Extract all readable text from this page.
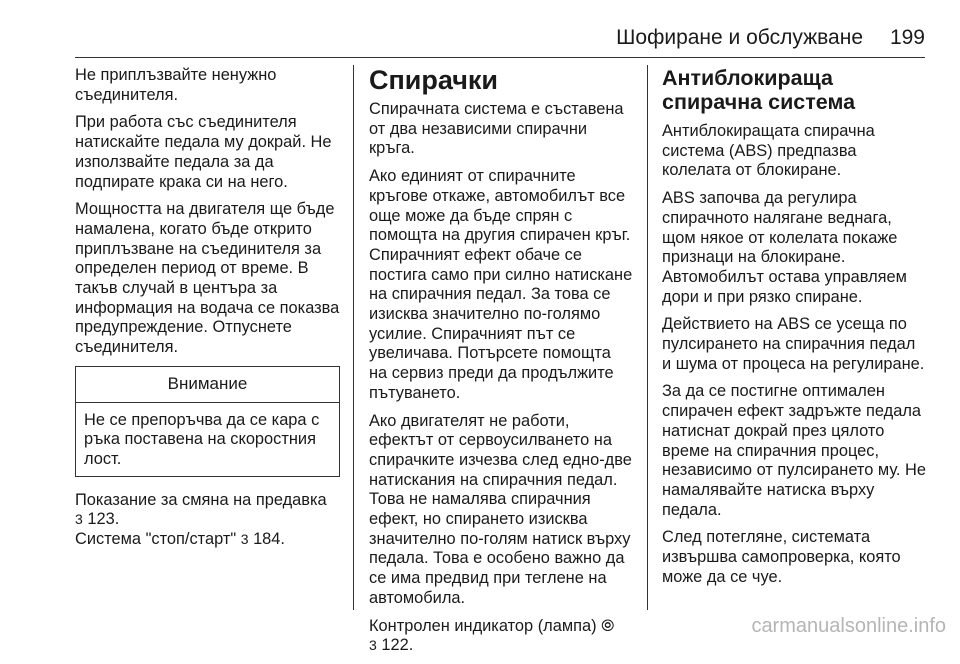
Шофиране и обслужване 199

Не приплъзвайте ненужно съединителя.

При работа със съединителя натискайте педала му докрай. Не използвайте педала за да подпирате крака си на него.

Мощността на двигателя ще бъде намалена, когато бъде открито приплъзване на съединителя за определен период от време. В такъв случай в центъра за информация на водача се показва предупреждение. Отпуснете съединителя.

Внимание
Не се препоръчва да се кара с ръка поставена на скоростния лост.

Показание за смяна на предавка
3 123.
Система "стоп/старт" 3 184.

Спирачки

Спирачната система е съставена от два независими спирачни кръга.

Ако единият от спирачните кръгове откаже, автомобилът все още може да бъде спрян с помощта на другия спирачен кръг. Спирачният ефект обаче се постига само при силно натискане на спирачния педал. За това се изисква значително по-голямо усилие. Спирачният път се увеличава. Потърсете помощта на сервиз преди да продължите пътуването.

Ако двигателят не работи, ефектът от сервоусилването на спирачките изчезва след едно-две натискания на спирачния педал. Това не намалява спирачния ефект, но спирането изисква значително по-голям натиск върху педала. Това е особено важно да се има предвид при теглене на автомобила.

Контролен индикатор (лампа) ⦾
3 122.

Антиблокираща спирачна система

Антиблокиращата спирачна система (ABS) предпазва колелата от блокиране.

ABS започва да регулира спирачното налягане веднага, щом някое от колелата покаже признаци на блокиране. Автомобилът остава управляем дори и при рязко спиране.

Действието на ABS се усеща по пулсирането на спирачния педал и шума от процеса на регулиране.

За да се постигне оптимален спирачен ефект задръжте педала натиснат докрай през цялото време на спирачния процес, независимо от пулсирането му. Не намалявайте натиска върху педала.

След потегляне, системата извършва самопроверка, която може да се чуе.

carmanualsonline.info
